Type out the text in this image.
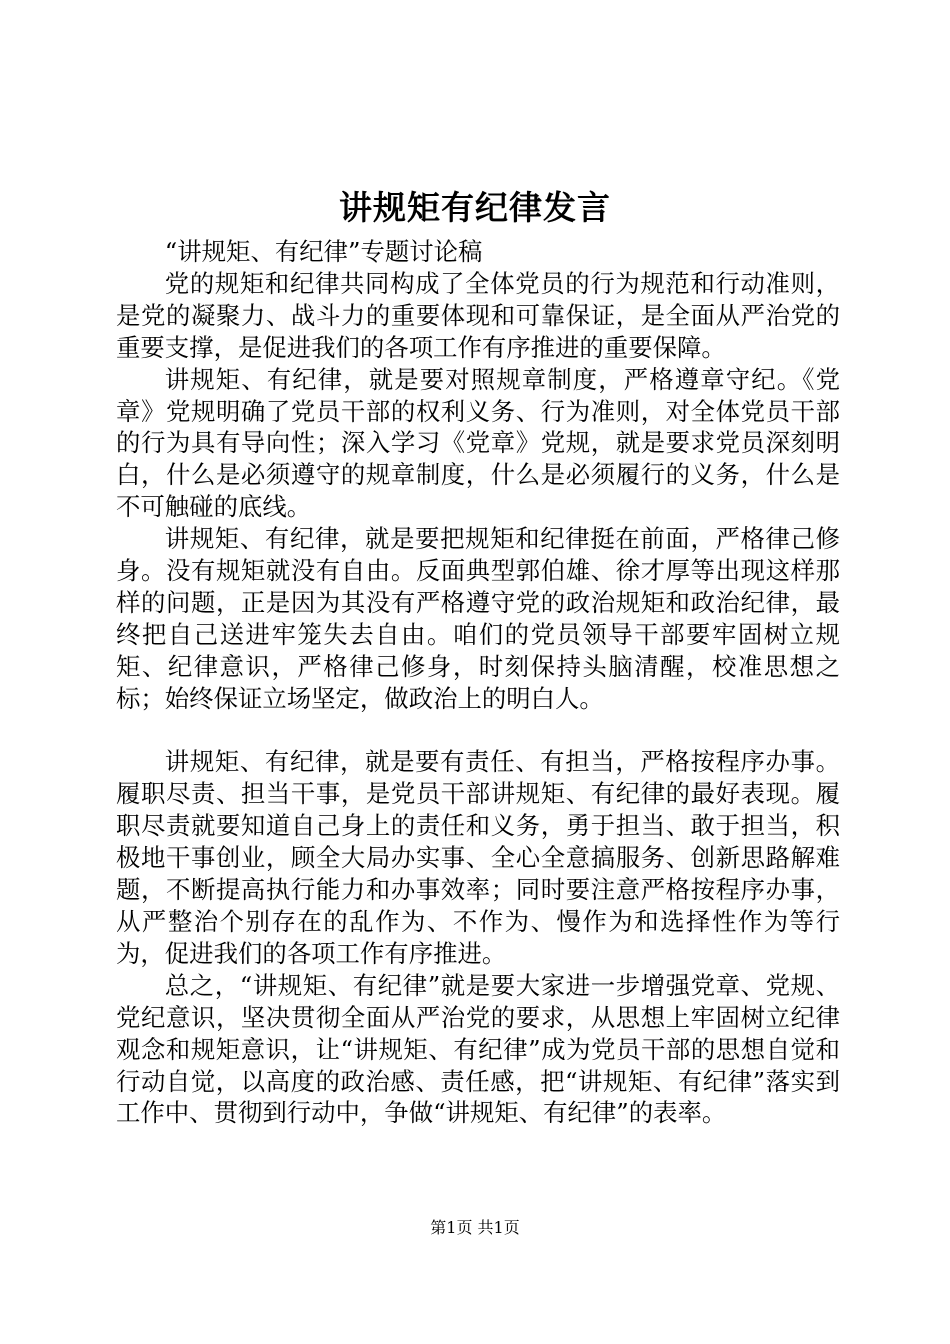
讲规矩有纪律发言

“讲规矩、有纪律”专题讨论稿

党的规矩和纪律共同构成了全体党员的行为规范和行动准则，是党的凝聚力、战斗力的重要体现和可靠保证，是全面从严治党的重要支撑，是促进我们的各项工作有序推进的重要保障。

讲规矩、有纪律，就是要对照规章制度，严格遵章守纪。《党章》党规明确了党员干部的权利义务、行为准则，对全体党员干部的行为具有导向性；深入学习《党章》党规，就是要求党员深刻明白，什么是必须遵守的规章制度，什么是必须履行的义务，什么是不可触碰的底线。

讲规矩、有纪律，就是要把规矩和纪律挺在前面，严格律己修身。没有规矩就没有自由。反面典型郭伯雄、徐才厚等出现这样那样的问题，正是因为其没有严格遵守党的政治规矩和政治纪律，最终把自己送进牢笼失去自由。咱们的党员领导干部要牢固树立规矩、纪律意识，严格律己修身，时刻保持头脑清醒，校准思想之标；始终保证立场坚定，做政治上的明白人。

讲规矩、有纪律，就是要有责任、有担当，严格按程序办事。履职尽责、担当干事，是党员干部讲规矩、有纪律的最好表现。履职尽责就要知道自己身上的责任和义务，勇于担当、敢于担当，积极地干事创业，顾全大局办实事、全心全意搞服务、创新思路解难题，不断提高执行能力和办事效率；同时要注意严格按程序办事，从严整治个别存在的乱作为、不作为、慢作为和选择性作为等行为，促进我们的各项工作有序推进。

总之，“讲规矩、有纪律”就是要大家进一步增强党章、党规、党纪意识，坚决贯彻全面从严治党的要求，从思想上牢固树立纪律观念和规矩意识，让“讲规矩、有纪律”成为党员干部的思想自觉和行动自觉，以高度的政治感、责任感，把“讲规矩、有纪律”落实到工作中、贯彻到行动中，争做“讲规矩、有纪律”的表率。

第1页 共1页
